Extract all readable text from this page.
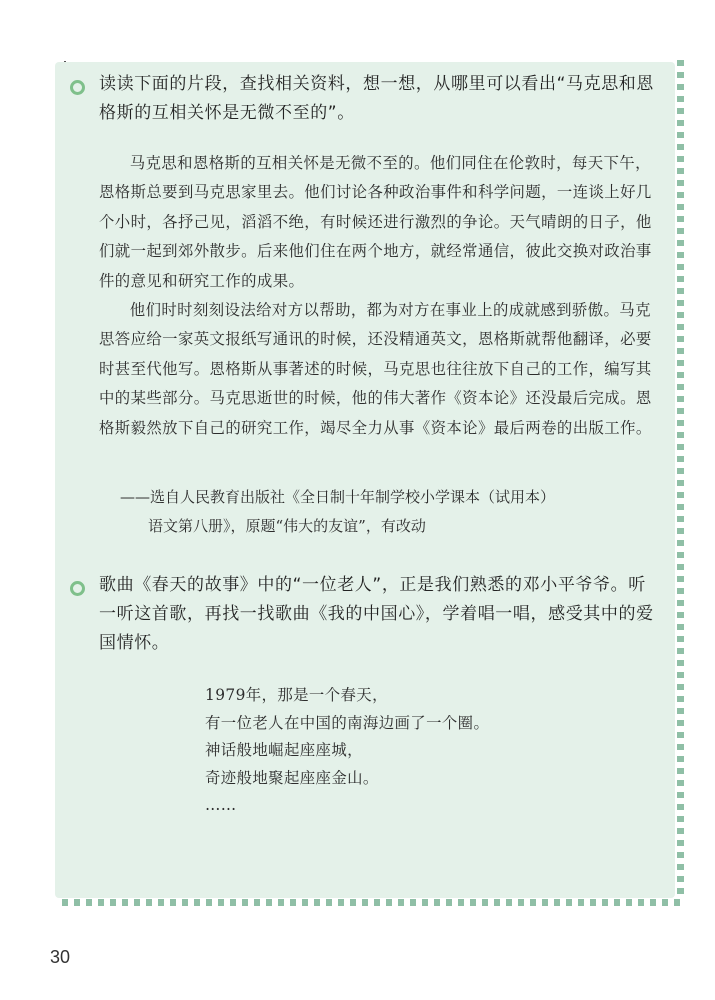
读读下面的片段，查找相关资料，想一想，从哪里可以看出“马克思和恩格斯的互相关怀是无微不至的”。

马克思和恩格斯的互相关怀是无微不至的。他们同住在伦敦时，每天下午，恩格斯总要到马克思家里去。他们讨论各种政治事件和科学问题，一连谈上好几个小时，各抒己见，滔滔不绝，有时候还进行激烈的争论。天气晴朗的日子，他们就一起到郊外散步。后来他们住在两个地方，就经常通信，彼此交换对政治事件的意见和研究工作的成果。

他们时时刻刻设法给对方以帮助，都为对方在事业上的成就感到骄傲。马克思答应给一家英文报纸写通讯的时候，还没精通英文，恩格斯就帮他翻译，必要时甚至代他写。恩格斯从事著述的时候，马克思也往往放下自己的工作，编写其中的某些部分。马克思逝世的时候，他的伟大著作《资本论》还没最后完成。恩格斯毅然放下自己的研究工作，竭尽全力从事《资本论》最后两卷的出版工作。

——选自人民教育出版社《全日制十年制学校小学课本（试用本）
语文第八册》，原题“伟大的友谊”，有改动
歌曲《春天的故事》中的“一位老人”，正是我们熟悉的邓小平爷爷。听一听这首歌，再找一找歌曲《我的中国心》，学着唱一唱，感受其中的爱国情怀。
1979年，那是一个春天，
有一位老人在中国的南海边画了一个圈。
神话般地崛起座座城，
奇迹般地聚起座座金山。
……
30
